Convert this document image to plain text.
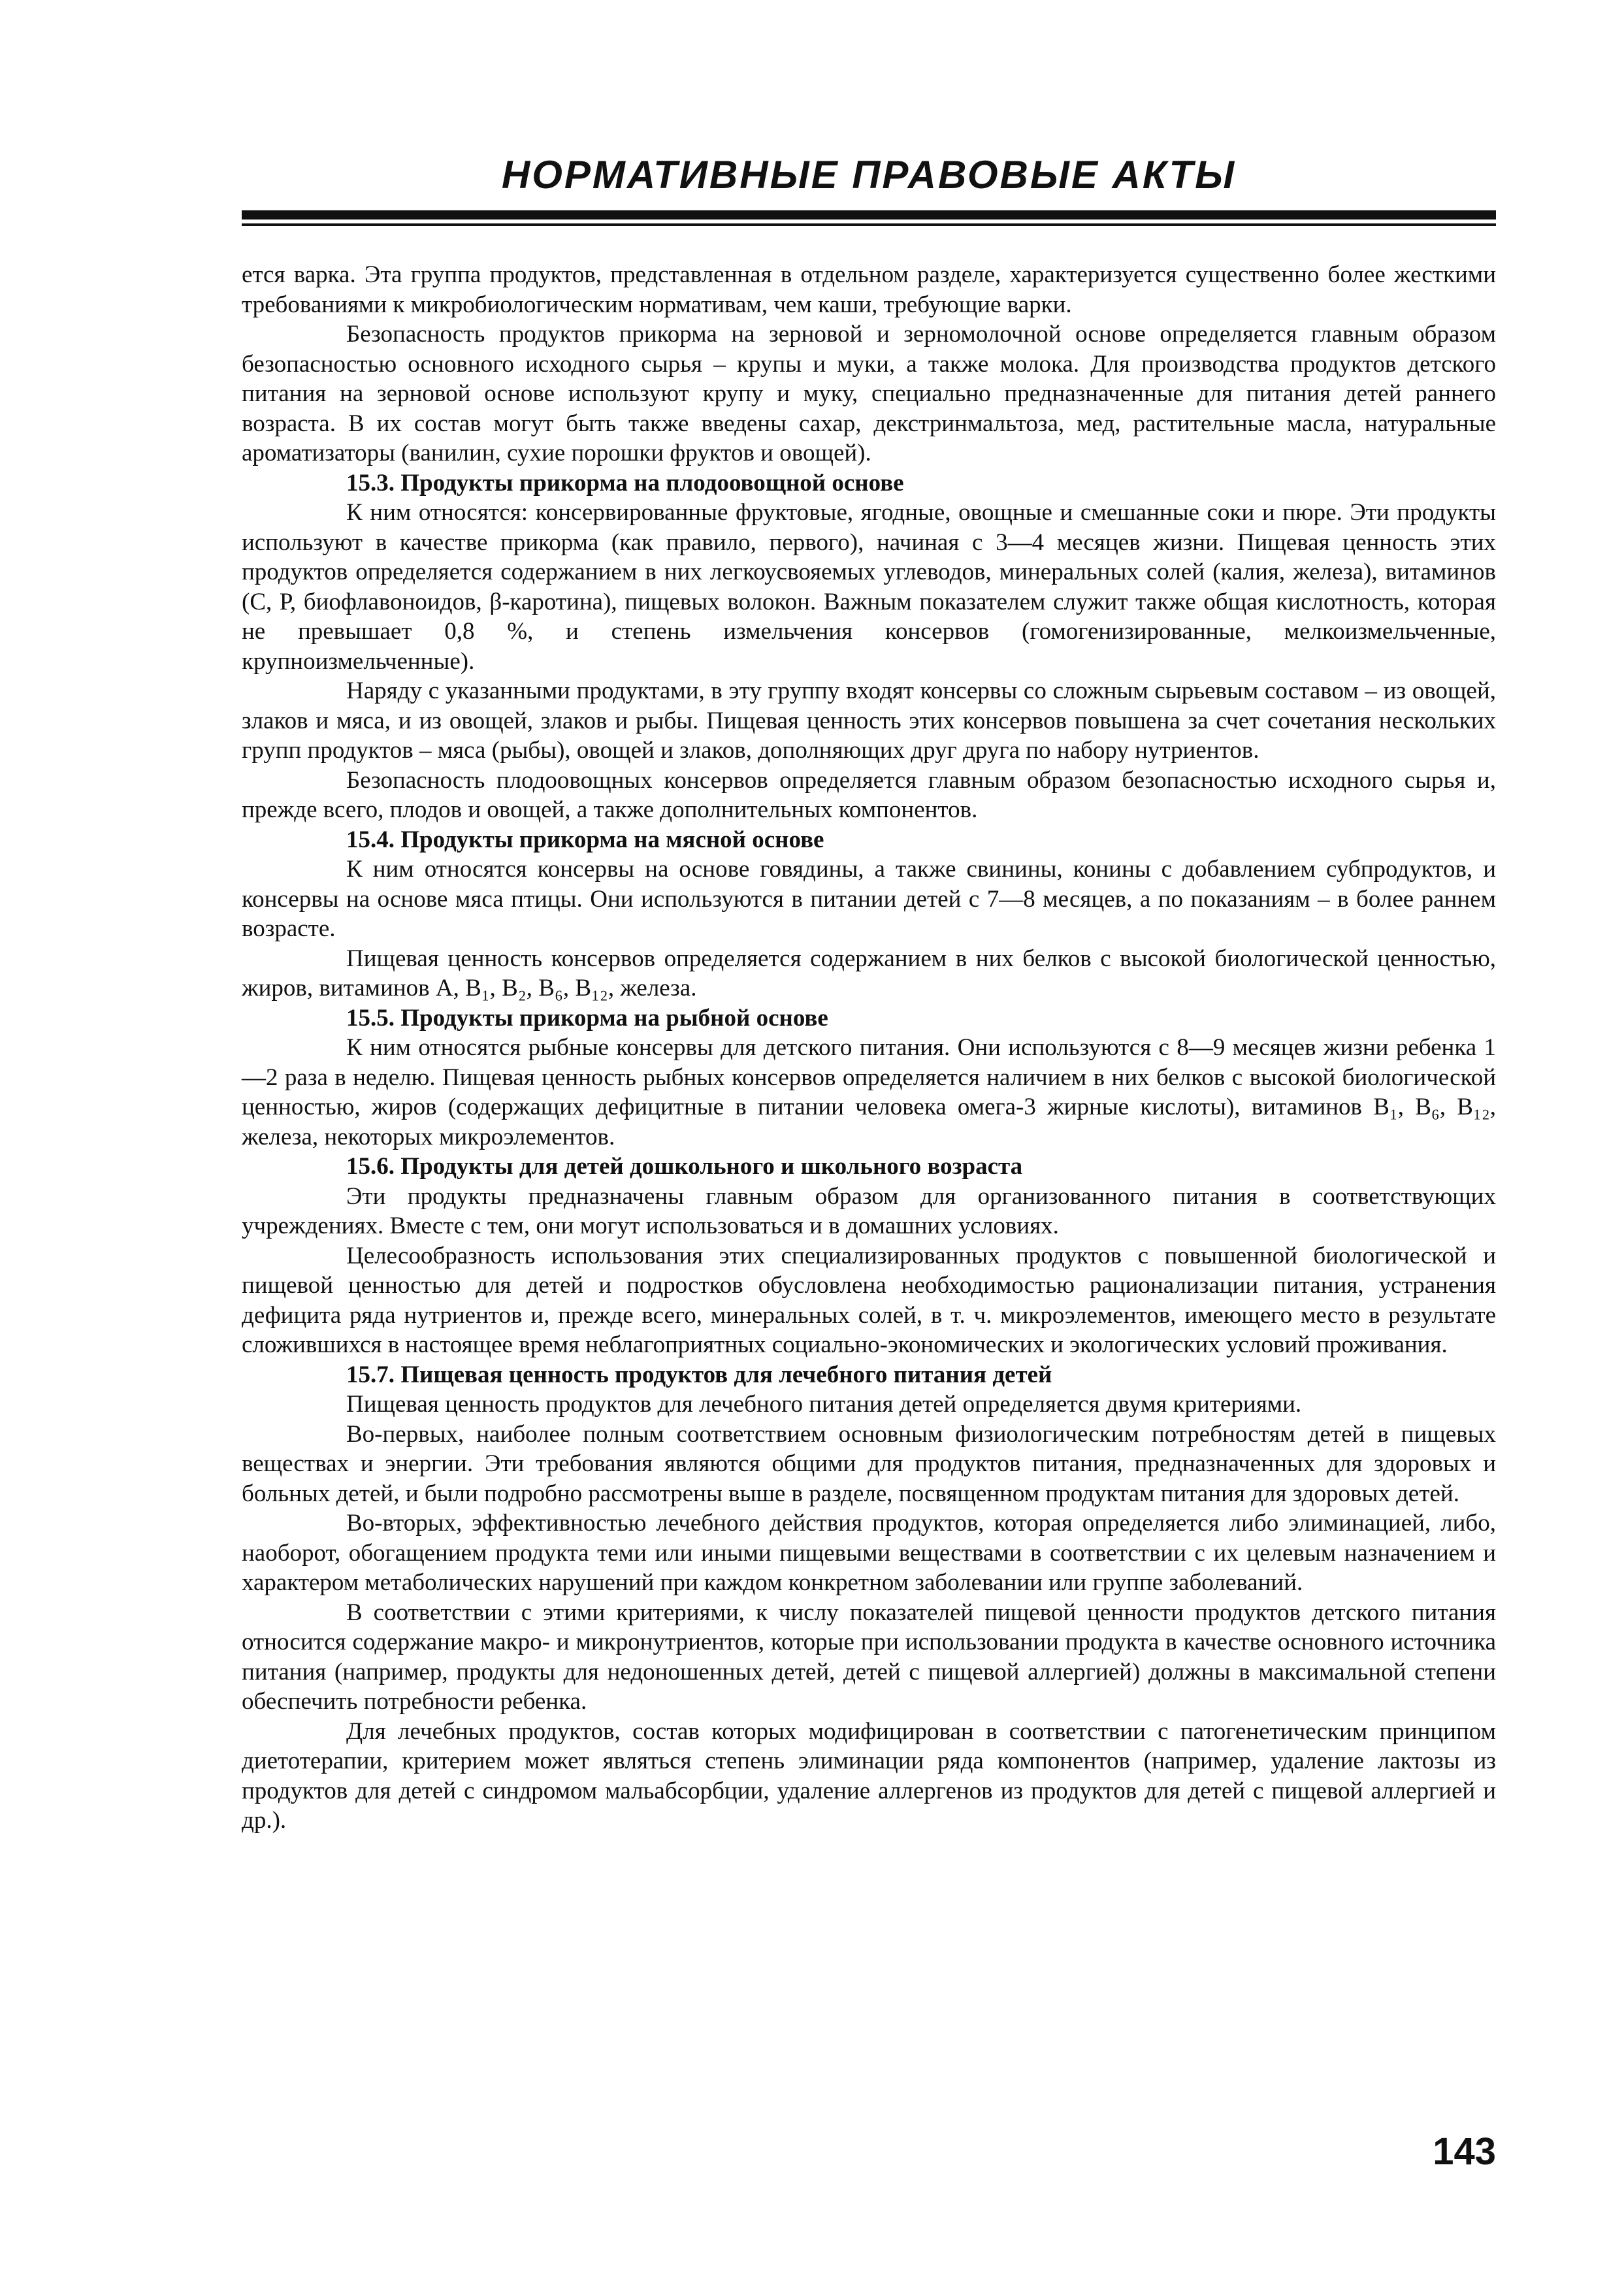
НОРМАТИВНЫЕ ПРАВОВЫЕ АКТЫ

ется варка. Эта группа продуктов, представленная в отдельном разделе, характеризуется существенно более жесткими требованиями к микробиологическим нормативам, чем каши, требующие варки.

Безопасность продуктов прикорма на зерновой и зерномолочной основе определяется главным образом безопасностью основного исходного сырья – крупы и муки, а также молока. Для производства продуктов детского питания на зерновой основе используют крупу и муку, специально предназначенные для питания детей раннего возраста. В их состав могут быть также введены сахар, декстринмальтоза, мед, растительные масла, натуральные ароматизаторы (ванилин, сухие порошки фруктов и овощей).

15.3. Продукты прикорма на плодоовощной основе

К ним относятся: консервированные фруктовые, ягодные, овощные и смешанные соки и пюре. Эти продукты используют в качестве прикорма (как правило, первого), начиная с 3—4 месяцев жизни. Пищевая ценность этих продуктов определяется содержанием в них легкоусвояемых углеводов, минеральных солей (калия, железа), витаминов (С, Р, биофлавоноидов, β-каротина), пищевых волокон. Важным показателем служит также общая кислотность, которая не превышает 0,8 %, и степень измельчения консервов (гомогенизированные, мелкоизмельченные, крупноизмельченные).

Наряду с указанными продуктами, в эту группу входят консервы со сложным сырьевым составом – из овощей, злаков и мяса, и из овощей, злаков и рыбы. Пищевая ценность этих консервов повышена за счет сочетания нескольких групп продуктов – мяса (рыбы), овощей и злаков, дополняющих друг друга по набору нутриентов.

Безопасность плодоовощных консервов определяется главным образом безопасностью исходного сырья и, прежде всего, плодов и овощей, а также дополнительных компонентов.

15.4. Продукты прикорма на мясной основе

К ним относятся консервы на основе говядины, а также свинины, конины с добавлением субпродуктов, и консервы на основе мяса птицы. Они используются в питании детей с 7—8 месяцев, а по показаниям – в более раннем возрасте.

Пищевая ценность консервов определяется содержанием в них белков с высокой биологической ценностью, жиров, витаминов А, B₁, B₂, B₆, B₁₂, железа.

15.5. Продукты прикорма на рыбной основе

К ним относятся рыбные консервы для детского питания. Они используются с 8—9 месяцев жизни ребенка 1—2 раза в неделю. Пищевая ценность рыбных консервов определяется наличием в них белков с высокой биологической ценностью, жиров (содержащих дефицитные в питании человека омега-3 жирные кислоты), витаминов B₁, B₆, B₁₂, железа, некоторых микроэлементов.

15.6. Продукты для детей дошкольного и школьного возраста

Эти продукты предназначены главным образом для организованного питания в соответствующих учреждениях. Вместе с тем, они могут использоваться и в домашних условиях.

Целесообразность использования этих специализированных продуктов с повышенной биологической и пищевой ценностью для детей и подростков обусловлена необходимостью рационализации питания, устранения дефицита ряда нутриентов и, прежде всего, минеральных солей, в т. ч. микроэлементов, имеющего место в результате сложившихся в настоящее время неблагоприятных социально-экономических и экологических условий проживания.

15.7. Пищевая ценность продуктов для лечебного питания детей

Пищевая ценность продуктов для лечебного питания детей определяется двумя критериями.

Во-первых, наиболее полным соответствием основным физиологическим потребностям детей в пищевых веществах и энергии. Эти требования являются общими для продуктов питания, предназначенных для здоровых и больных детей, и были подробно рассмотрены выше в разделе, посвященном продуктам питания для здоровых детей.

Во-вторых, эффективностью лечебного действия продуктов, которая определяется либо элиминацией, либо, наоборот, обогащением продукта теми или иными пищевыми веществами в соответствии с их целевым назначением и характером метаболических нарушений при каждом конкретном заболевании или группе заболеваний.

В соответствии с этими критериями, к числу показателей пищевой ценности продуктов детского питания относится содержание макро- и микронутриентов, которые при использовании продукта в качестве основного источника питания (например, продукты для недоношенных детей, детей с пищевой аллергией) должны в максимальной степени обеспечить потребности ребенка.

Для лечебных продуктов, состав которых модифицирован в соответствии с патогенетическим принципом диетотерапии, критерием может являться степень элиминации ряда компонентов (например, удаление лактозы из продуктов для детей с синдромом мальабсорбции, удаление аллергенов из продуктов для детей с пищевой аллергией и др.).

143
